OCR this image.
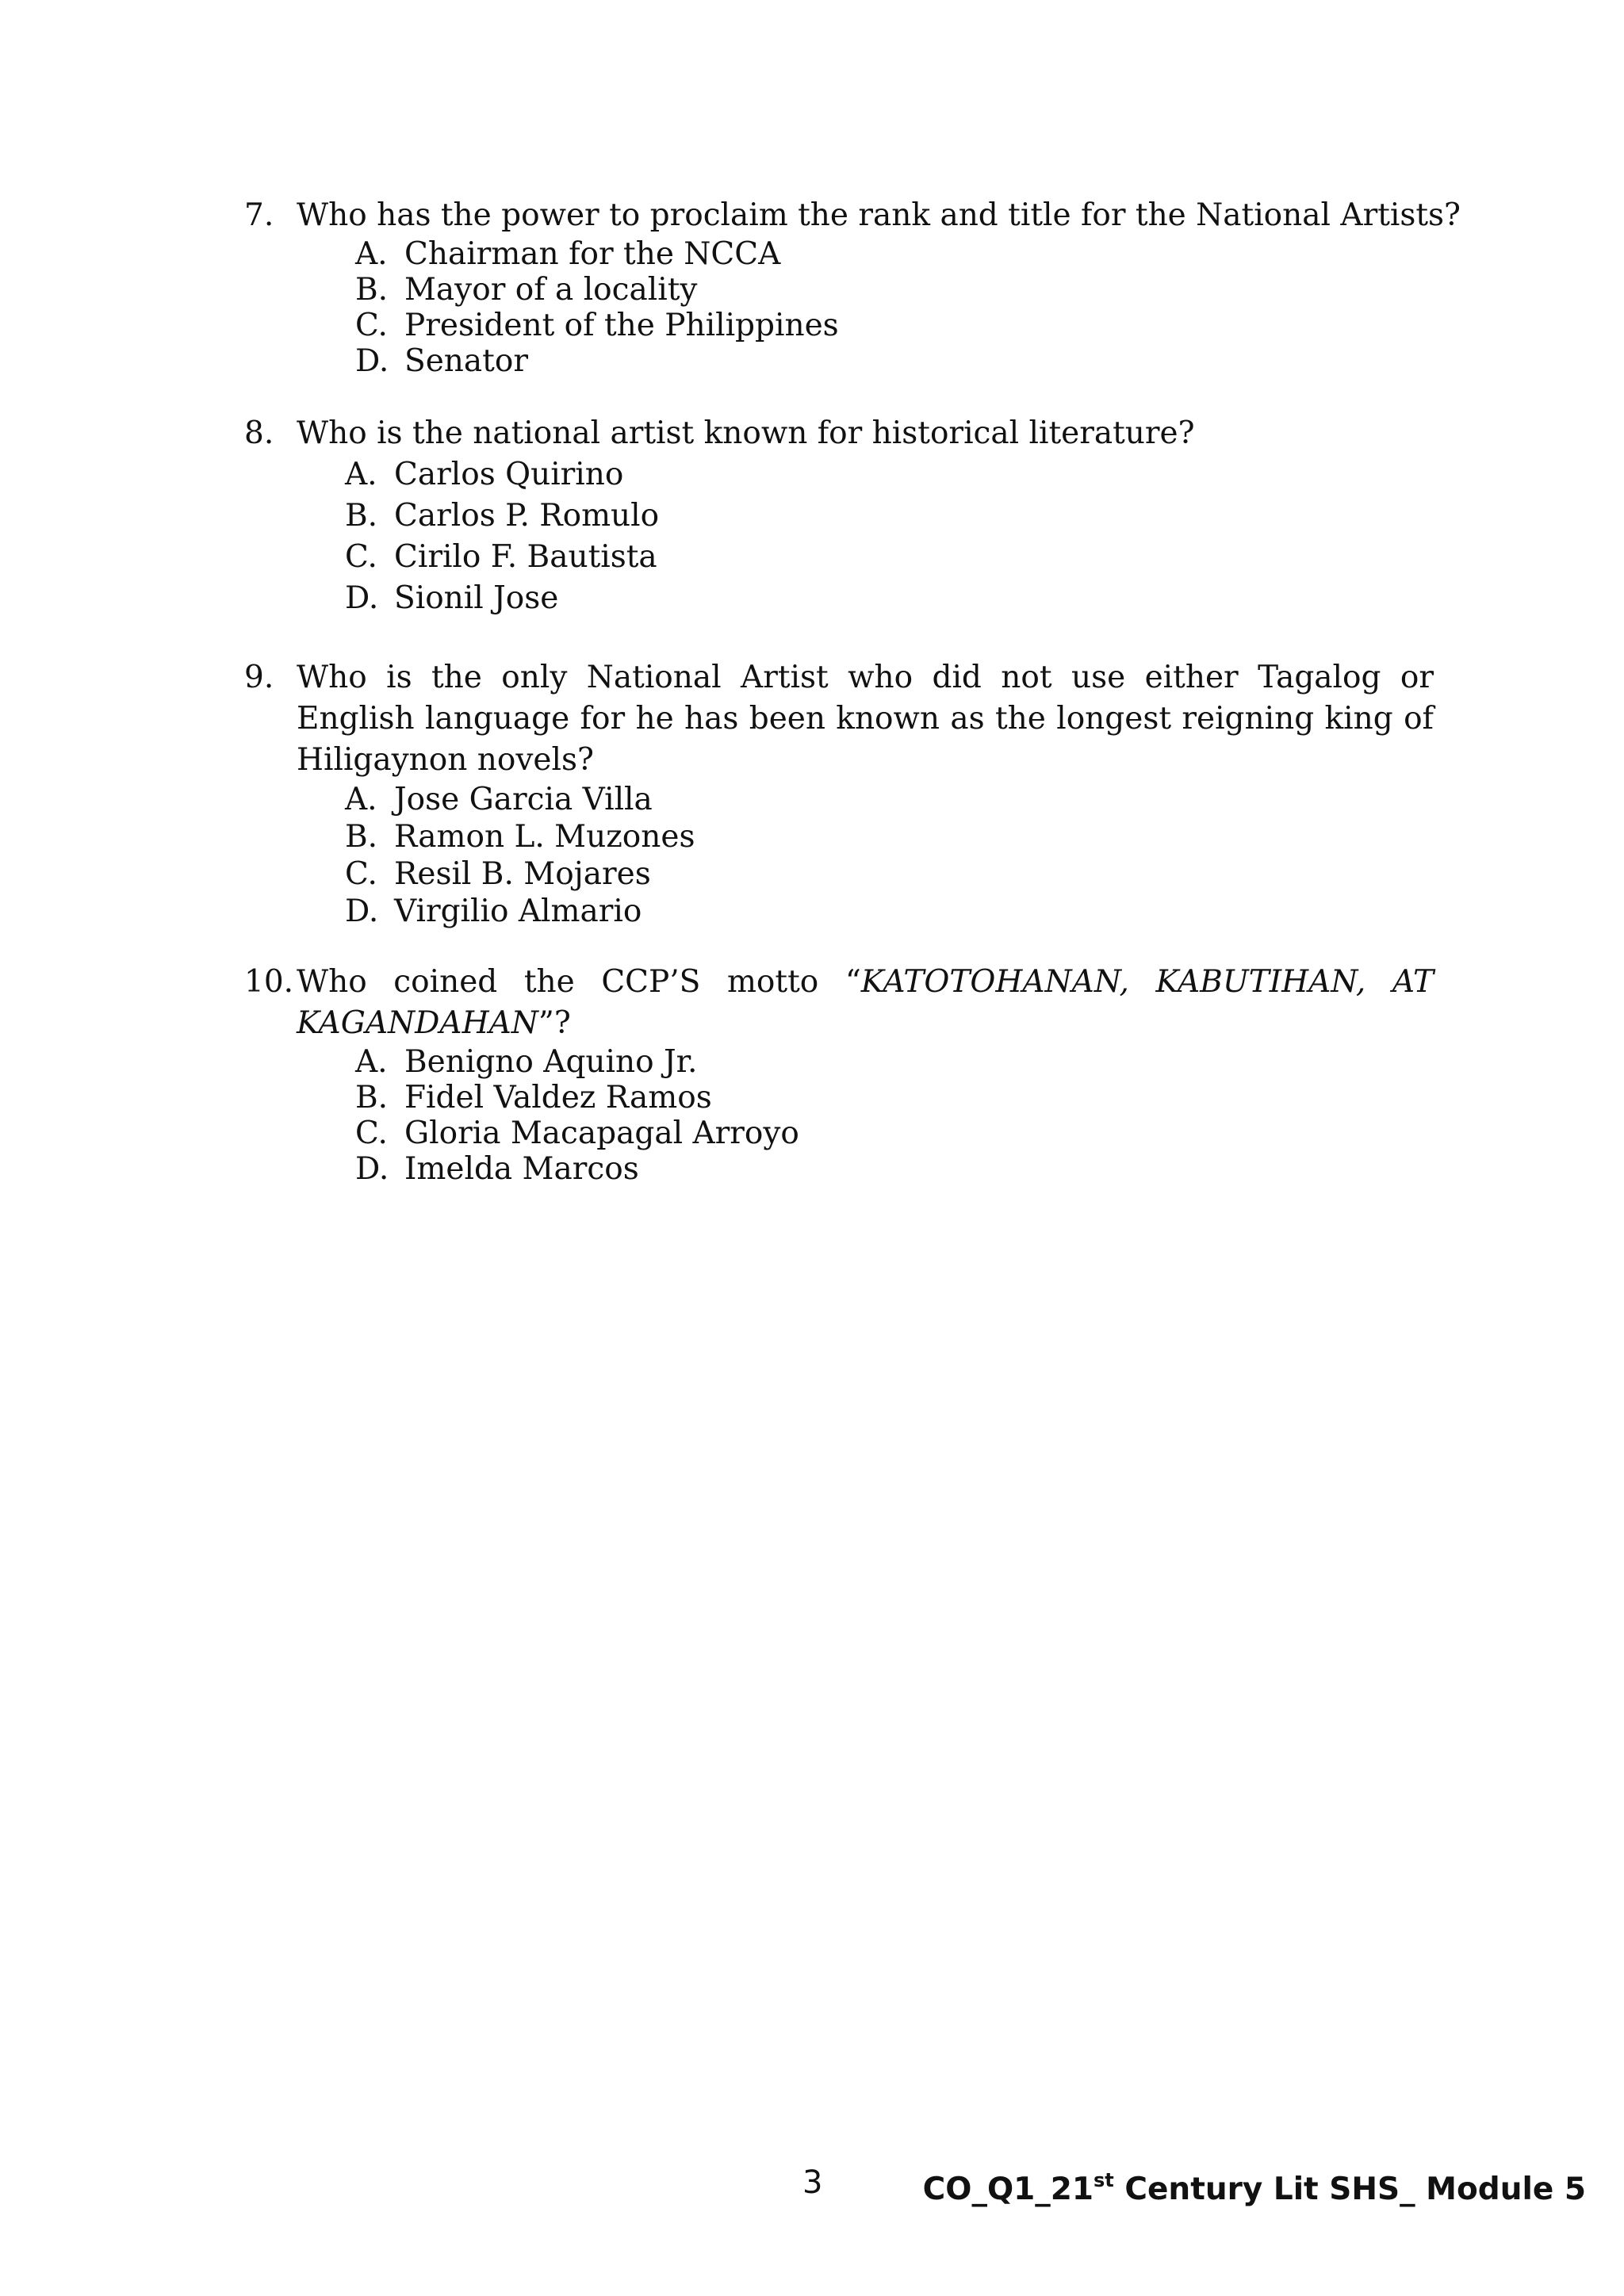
7. Who has the power to proclaim the rank and title for the National Artists?
A. Chairman for the NCCA
B. Mayor of a locality
C. President of the Philippines
D. Senator
8. Who is the national artist known for historical literature?
A. Carlos Quirino
B. Carlos P. Romulo
C. Cirilo F. Bautista
D. Sionil Jose
9. Who is the only National Artist who did not use either Tagalog or English language for he has been known as the longest reigning king of Hiligaynon novels?
A. Jose Garcia Villa
B. Ramon L. Muzones
C. Resil B. Mojares
D. Virgilio Almario
10. Who coined the CCP’S motto “KATOTOHANAN, KABUTIHAN, AT
KAGANDAHAN”?
A. Benigno Aquino Jr.
B. Fidel Valdez Ramos
C. Gloria Macapagal Arroyo
D. Imelda Marcos
3	CO_Q1_21st Century Lit SHS_ Module 5
